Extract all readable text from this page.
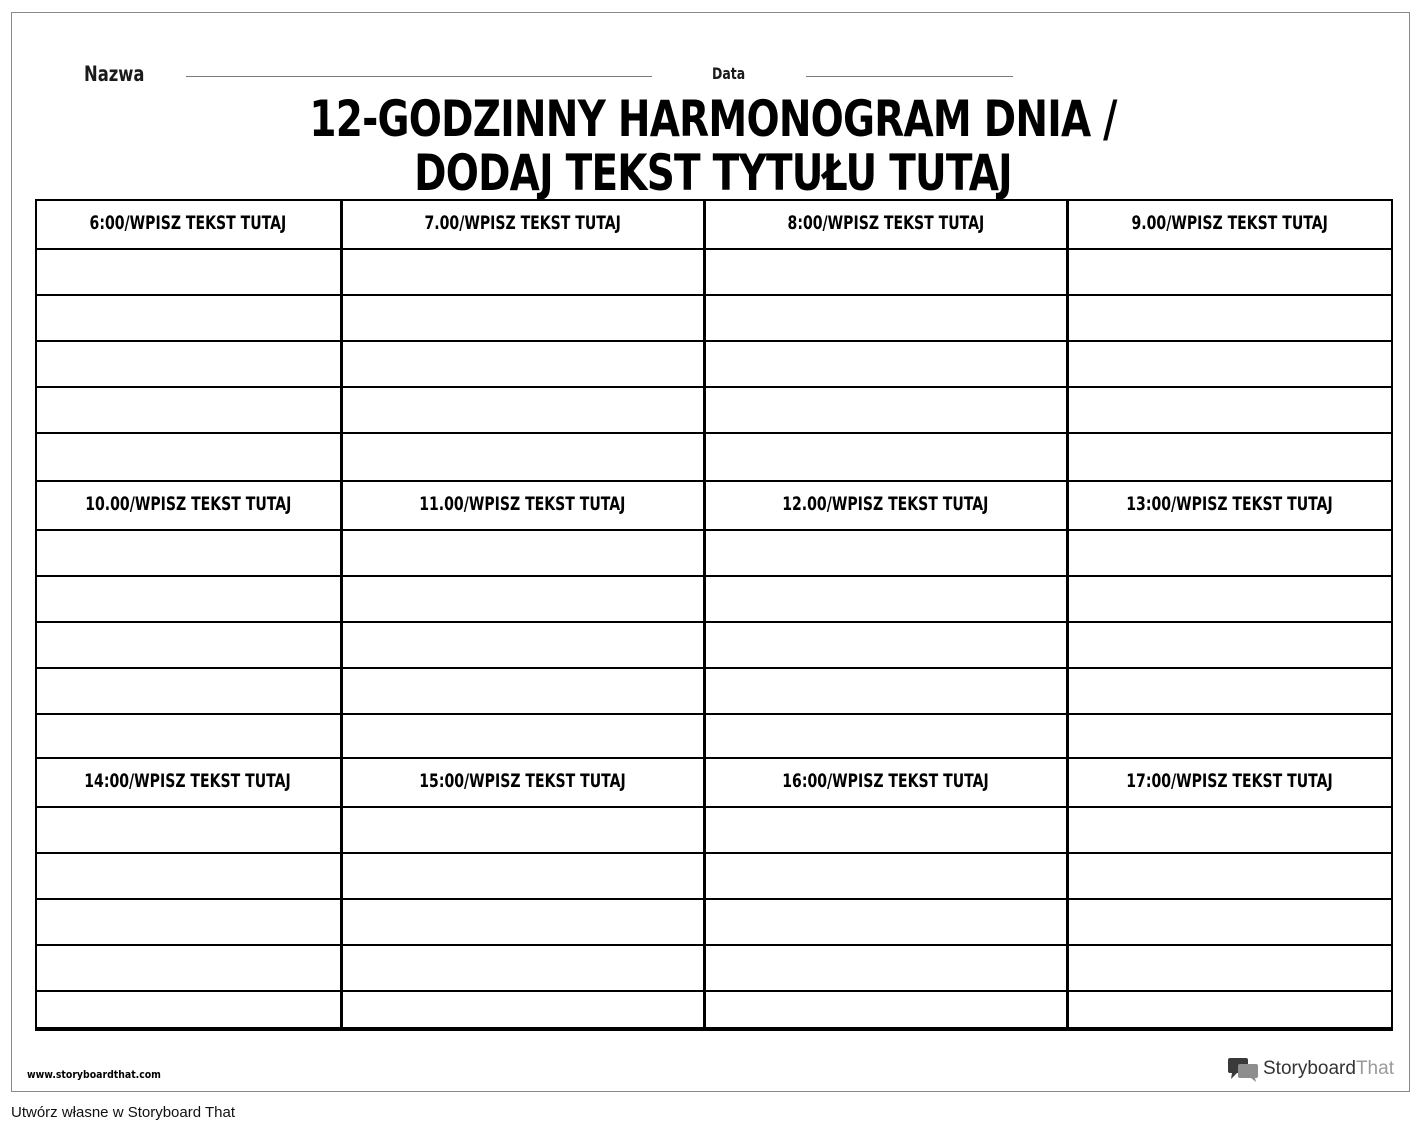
Nazwa	Data
12-GODZINNY HARMONOGRAM DNIA / DODAJ TEKST TYTUŁU TUTAJ
6:00/WPISZ TEKST TUTAJ	7.00/WPISZ TEKST TUTAJ	8:00/WPISZ TEKST TUTAJ	9.00/WPISZ TEKST TUTAJ
10.00/WPISZ TEKST TUTAJ	11.00/WPISZ TEKST TUTAJ	12.00/WPISZ TEKST TUTAJ	13:00/WPISZ TEKST TUTAJ
14:00/WPISZ TEKST TUTAJ	15:00/WPISZ TEKST TUTAJ	16:00/WPISZ TEKST TUTAJ	17:00/WPISZ TEKST TUTAJ
www.storyboardthat.com	StoryboardThat
Utwórz własne w Storyboard That
